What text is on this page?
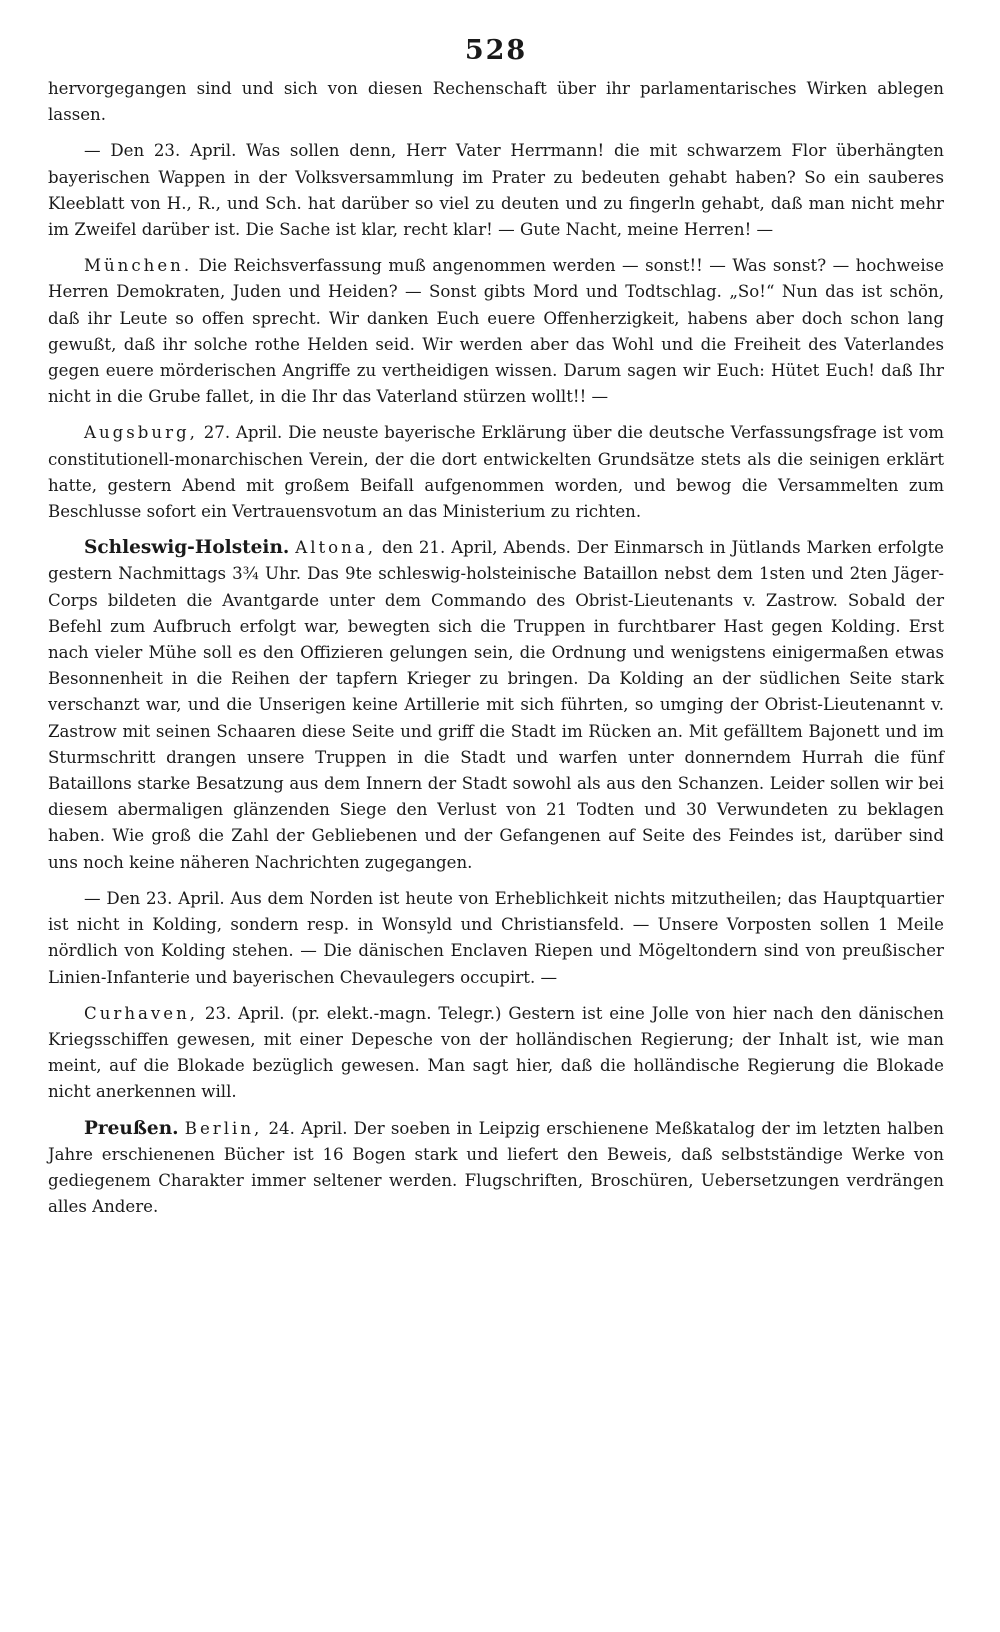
528

hervorgegangen sind und sich von diesen Rechenschaft über ihr parlamentarisches Wirken ablegen lassen.

— Den 23. April. Was sollen denn, Herr Vater Herrmann! die mit schwarzem Flor überhängten bayerischen Wappen in der Volksversammlung im Prater zu bedeuten gehabt haben? So ein sauberes Kleeblatt von H., R., und Sch. hat darüber so viel zu deuten und zu fingerln gehabt, daß man nicht mehr im Zweifel darüber ist. Die Sache ist klar, recht klar! — Gute Nacht, meine Herren! —

München. Die Reichsverfassung muß angenommen werden — sonst!! — Was sonst? — hochweise Herren Demokraten, Juden und Heiden? — Sonst gibts Mord und Todtschlag. „So!“ Nun das ist schön, daß ihr Leute so offen sprecht. Wir danken Euch euere Offenherzigkeit, habens aber doch schon lang gewußt, daß ihr solche rothe Helden seid. Wir werden aber das Wohl und die Freiheit des Vaterlandes gegen euere mörderischen Angriffe zu vertheidigen wissen. Darum sagen wir Euch: Hütet Euch! daß Ihr nicht in die Grube fallet, in die Ihr das Vaterland stürzen wollt!! —

Augsburg, 27. April. Die neuste bayerische Erklärung über die deutsche Verfassungsfrage ist vom constitutionell-monarchischen Verein, der die dort entwickelten Grundsätze stets als die seinigen erklärt hatte, gestern Abend mit großem Beifall aufgenommen worden, und bewog die Versammelten zum Beschlusse sofort ein Vertrauensvotum an das Ministerium zu richten.

Schleswig-Holstein. Altona, den 21. April, Abends. Der Einmarsch in Jütlands Marken erfolgte gestern Nachmittags 3¾ Uhr. Das 9te schleswig-holsteinische Bataillon nebst dem 1sten und 2ten Jäger-Corps bildeten die Avantgarde unter dem Commando des Obrist-Lieutenants v. Zastrow. Sobald der Befehl zum Aufbruch erfolgt war, bewegten sich die Truppen in furchtbarer Hast gegen Kolding. Erst nach vieler Mühe soll es den Offizieren gelungen sein, die Ordnung und wenigstens einigermaßen etwas Besonnenheit in die Reihen der tapfern Krieger zu bringen. Da Kolding an der südlichen Seite stark verschanzt war, und die Unserigen keine Artillerie mit sich führten, so umging der Obrist-Lieutenannt v. Zastrow mit seinen Schaaren diese Seite und griff die Stadt im Rücken an. Mit gefälltem Bajonett und im Sturmschritt drangen unsere Truppen in die Stadt und warfen unter donnerndem Hurrah die fünf Bataillons starke Besatzung aus dem Innern der Stadt sowohl als aus den Schanzen. Leider sollen wir bei diesem abermaligen glänzenden Siege den Verlust von 21 Todten und 30 Verwundeten zu beklagen haben. Wie groß die Zahl der Gebliebenen und der Gefangenen auf Seite des Feindes ist, darüber sind uns noch keine näheren Nachrichten zugegangen.

— Den 23. April. Aus dem Norden ist heute von Erheblichkeit nichts mitzutheilen; das Hauptquartier ist nicht in Kolding, sondern resp. in Wonsyld und Christiansfeld. — Unsere Vorposten sollen 1 Meile nördlich von Kolding stehen. — Die dänischen Enclaven Riepen und Mögeltondern sind von preußischer Linien-Infanterie und bayerischen Chevaulegers occupirt. —

Curhaven, 23. April. (pr. elekt.-magn. Telegr.) Gestern ist eine Jolle von hier nach den dänischen Kriegsschiffen gewesen, mit einer Depesche von der holländischen Regierung; der Inhalt ist, wie man meint, auf die Blokade bezüglich gewesen. Man sagt hier, daß die holländische Regierung die Blokade nicht anerkennen will.

Preußen. Berlin, 24. April. Der soeben in Leipzig erschienene Meßkatalog der im letzten halben Jahre erschienenen Bücher ist 16 Bogen stark und liefert den Beweis, daß selbstständige Werke von gediegenem Charakter immer seltener werden. Flugschriften, Broschüren, Uebersetzungen verdrängen alles Andere.
